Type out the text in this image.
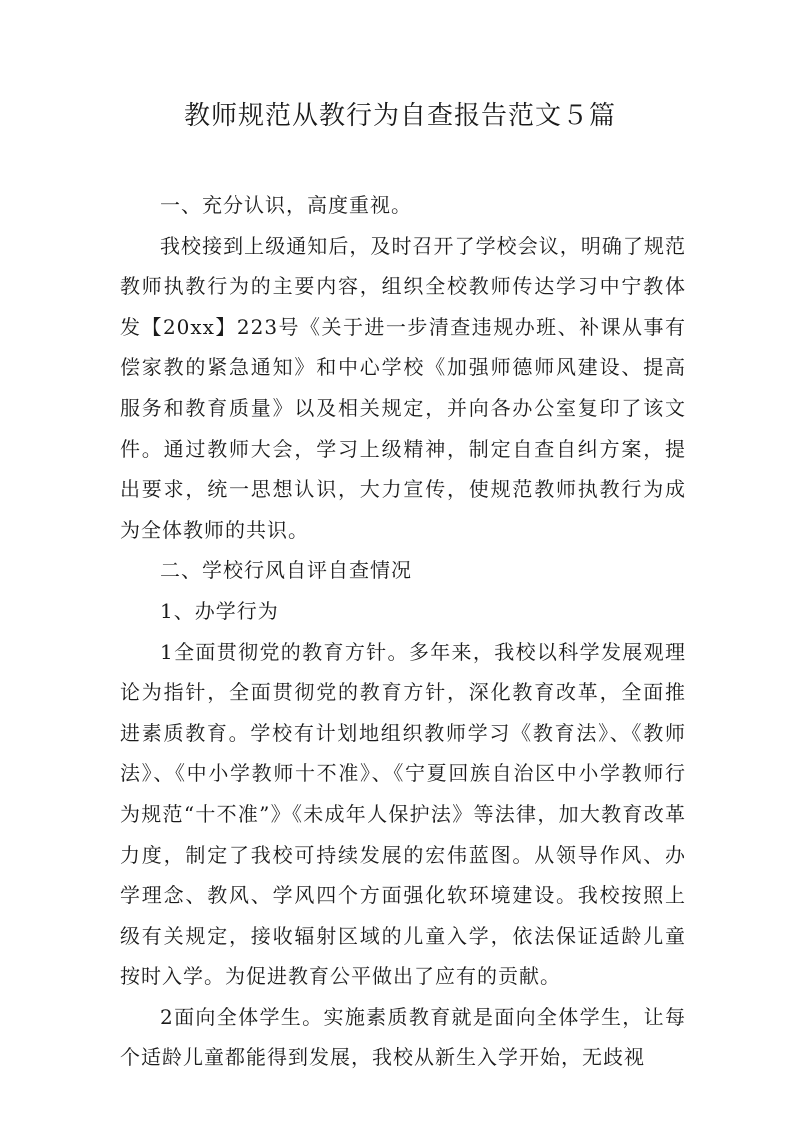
教师规范从教行为自查报告范文５篇

一、充分认识，高度重视。

我校接到上级通知后，及时召开了学校会议，明确了规范教师执教行为的主要内容，组织全校教师传达学习中宁教体发【20xx】223号《关于进一步清查违规办班、补课从事有偿家教的紧急通知》和中心学校《加强师德师风建设、提高服务和教育质量》以及相关规定，并向各办公室复印了该文件。通过教师大会，学习上级精神，制定自查自纠方案，提出要求，统一思想认识，大力宣传，使规范教师执教行为成为全体教师的共识。

二、学校行风自评自查情况

1、办学行为

1全面贯彻党的教育方针。多年来，我校以科学发展观理论为指针，全面贯彻党的教育方针，深化教育改革，全面推进素质教育。学校有计划地组织教师学习《教育法》、《教师法》、《中小学教师十不准》、《宁夏回族自治区中小学教师行为规范“十不准”》《未成年人保护法》等法律，加大教育改革力度，制定了我校可持续发展的宏伟蓝图。从领导作风、办学理念、教风、学风四个方面强化软环境建设。我校按照上级有关规定，接收辐射区域的儿童入学，依法保证适龄儿童按时入学。为促进教育公平做出了应有的贡献。

2面向全体学生。实施素质教育就是面向全体学生，让每个适龄儿童都能得到发展，我校从新生入学开始，无歧视
